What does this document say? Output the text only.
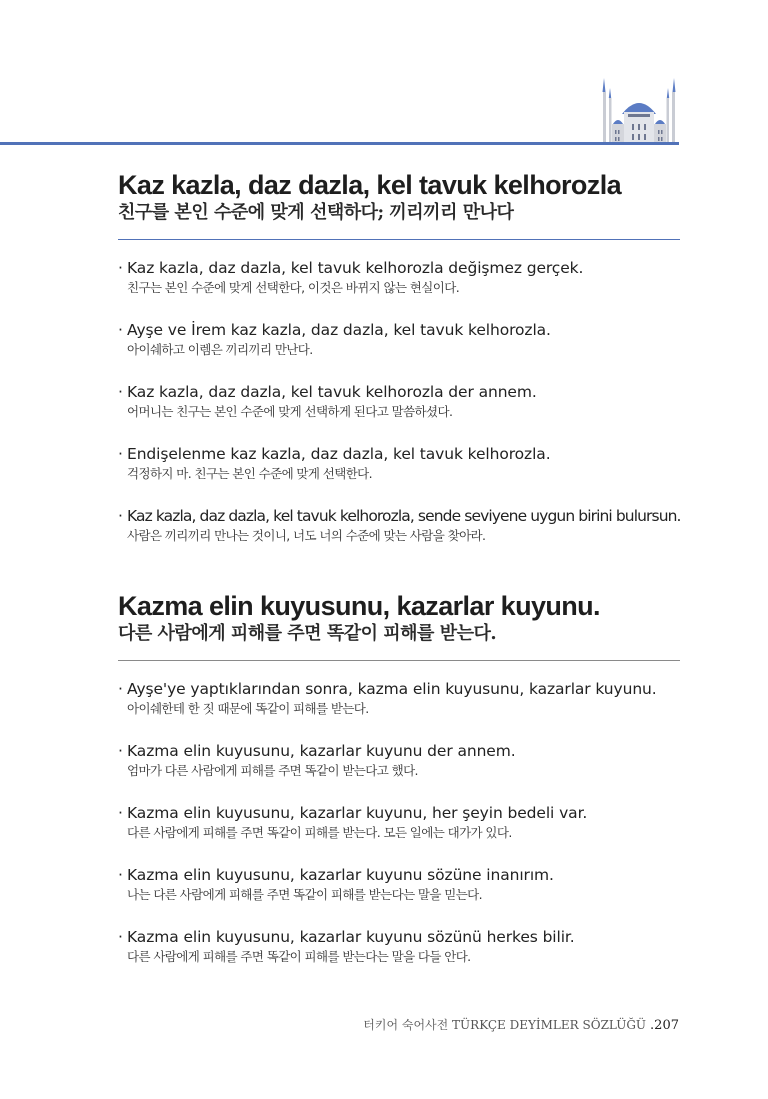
Kaz kazla, daz dazla, kel tavuk kelhorozla
친구를 본인 수준에 맞게 선택하다; 끼리끼리 만나다
· Kaz kazla, daz dazla, kel tavuk kelhorozla değişmez gerçek.
친구는 본인 수준에 맞게 선택한다, 이것은 바뀌지 않는 현실이다.
· Ayşe ve İrem kaz kazla, daz dazla, kel tavuk kelhorozla.
아이쉐하고 이렘은 끼리끼리 만난다.
· Kaz kazla, daz dazla, kel tavuk kelhorozla der annem.
어머니는 친구는 본인 수준에 맞게 선택하게 된다고 말씀하셨다.
· Endişelenme kaz kazla, daz dazla, kel tavuk kelhorozla.
걱정하지 마. 친구는 본인 수준에 맞게 선택한다.
· Kaz kazla, daz dazla, kel tavuk kelhorozla, sende seviyene uygun birini bulursun.
사람은 끼리끼리 만나는 것이니, 너도 너의 수준에 맞는 사람을 찾아라.
Kazma elin kuyusunu, kazarlar kuyunu.
다른 사람에게 피해를 주면 똑같이 피해를 받는다.
· Ayşe'ye yaptıklarından sonra, kazma elin kuyusunu, kazarlar kuyunu.
아이쉐한테 한 짓 때문에 똑같이 피해를 받는다.
· Kazma elin kuyusunu, kazarlar kuyunu der annem.
엄마가 다른 사람에게 피해를 주면 똑같이 받는다고 했다.
· Kazma elin kuyusunu, kazarlar kuyunu, her şeyin bedeli var.
다른 사람에게 피해를 주면 똑같이 피해를 받는다. 모든 일에는 대가가 있다.
· Kazma elin kuyusunu, kazarlar kuyunu sözüne inanırım.
나는 다른 사람에게 피해를 주면 똑같이 피해를 받는다는 말을 믿는다.
· Kazma elin kuyusunu, kazarlar kuyunu sözünü herkes bilir.
다른 사람에게 피해를 주면 똑같이 피해를 받는다는 말을 다들 안다.
터키어 숙어사전 TÜRKÇE DEYİMLER SÖZLÜĞÜ .207
